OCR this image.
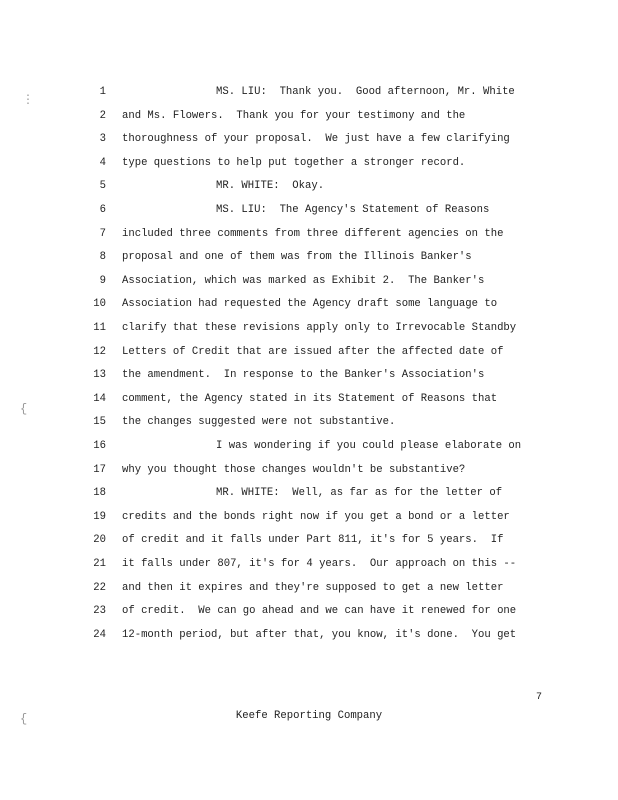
⋮
{
{
1	MS. LIU:  Thank you.  Good afternoon, Mr. White
2 and Ms. Flowers.  Thank you for your testimony and the
3 thoroughness of your proposal.  We just have a few clarifying
4 type questions to help put together a stronger record.
5	MR. WHITE:  Okay.
6	MS. LIU:  The Agency's Statement of Reasons
7 included three comments from three different agencies on the
8 proposal and one of them was from the Illinois Banker's
9 Association, which was marked as Exhibit 2.  The Banker's
10 Association had requested the Agency draft some language to
11 clarify that these revisions apply only to Irrevocable Standby
12 Letters of Credit that are issued after the affected date of
13 the amendment.  In response to the Banker's Association's
14 comment, the Agency stated in its Statement of Reasons that
15 the changes suggested were not substantive.
16	I was wondering if you could please elaborate on
17 why you thought those changes wouldn't be substantive?
18	MR. WHITE:  Well, as far as for the letter of
19 credits and the bonds right now if you get a bond or a letter
20 of credit and it falls under Part 811, it's for 5 years.  If
21 it falls under 807, it's for 4 years.  Our approach on this --
22 and then it expires and they're supposed to get a new letter
23 of credit.  We can go ahead and we can have it renewed for one
24 12-month period, but after that, you know, it's done.  You get
7
Keefe Reporting Company
